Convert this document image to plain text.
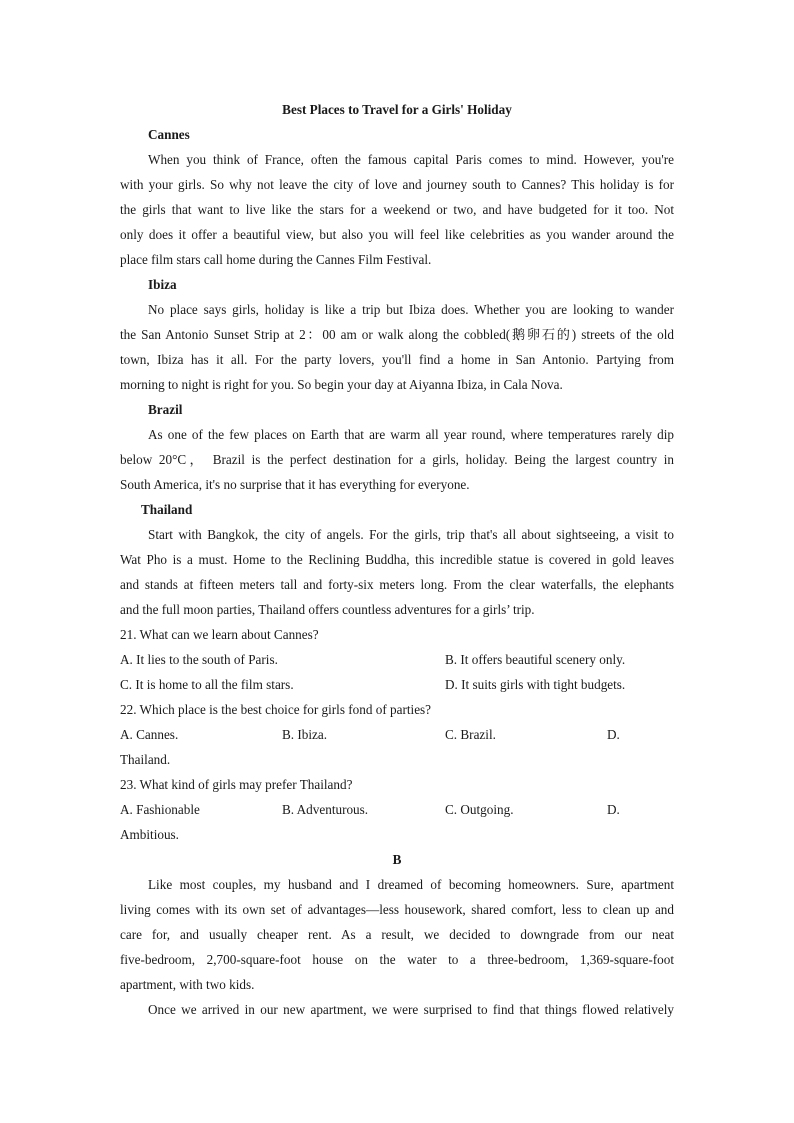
Best Places to Travel for a Girls' Holiday
Cannes
When you think of France, often the famous capital Paris comes to mind. However, you're
with your girls. So why not leave the city of love and journey south to Cannes? This holiday is for
the girls that want to live like the stars for a weekend or two, and have budgeted for it too. Not
only does it offer a beautiful view, but also you will feel like celebrities as you wander around the
place film stars call home during the Cannes Film Festival.
Ibiza
No place says girls, holiday is like a trip but Ibiza does. Whether you are looking to wander
the San Antonio Sunset Strip at 2：00 am or walk along the cobbled(鹅卵石的) streets of the old
town, Ibiza has it all. For the party lovers, you'll find a home in San Antonio. Partying from
morning to night is right for you. So begin your day at Aiyanna Ibiza, in Cala Nova.
Brazil
As one of the few places on Earth that are warm all year round, where temperatures rarely dip
below 20°C， Brazil is the perfect destination for a girls, holiday. Being the largest country in
South America, it's no surprise that it has everything for everyone.
Thailand
Start with Bangkok, the city of angels. For the girls, trip that's all about sightseeing, a visit to
Wat Pho is a must. Home to the Reclining Buddha, this incredible statue is covered in gold leaves
and stands at fifteen meters tall and forty-six meters long. From the clear waterfalls, the elephants
and the full moon parties, Thailand offers countless adventures for a girls’ trip.
21. What can we learn about Cannes?
A. It lies to the south of Paris.	B. It offers beautiful scenery only.
C. It is home to all the film stars.	D. It suits girls with tight budgets.
22. Which place is the best choice for girls fond of parties?
A. Cannes.	B. Ibiza.	C. Brazil.	D.
Thailand.
23. What kind of girls may prefer Thailand?
A. Fashionable	B. Adventurous.	C. Outgoing.	D.
Ambitious.
B
Like most couples, my husband and I dreamed of becoming homeowners. Sure, apartment
living comes with its own set of advantages—less housework, shared comfort, less to clean up and
care for, and usually cheaper rent. As a result, we decided to downgrade from our neat
five-bedroom, 2,700-square-foot house on the water to a three-bedroom, 1,369-square-foot
apartment, with two kids.
Once we arrived in our new apartment, we were surprised to find that things flowed relatively
